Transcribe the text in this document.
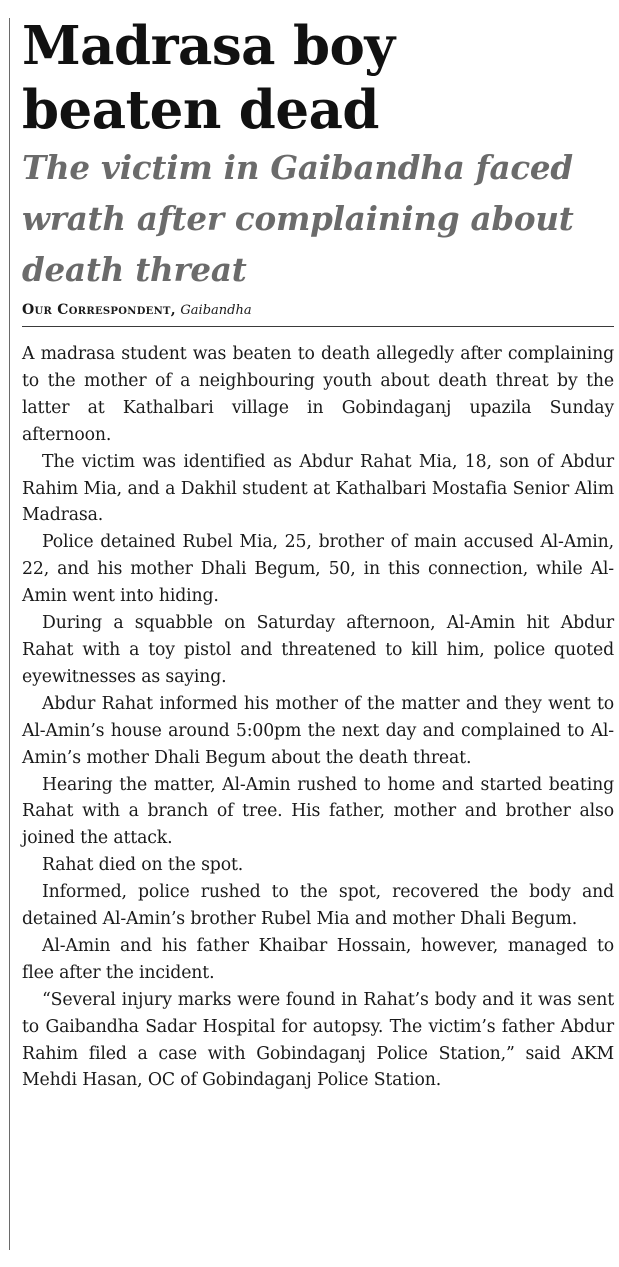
Madrasa boy
beaten dead
The victim in Gaibandha faced
wrath after complaining about
death threat
Our Correspondent, Gaibandha

A madrasa student was beaten to death allegedly after complaining to the mother of a neighbouring youth about death threat by the latter at Kathalbari village in Gobindaganj upazila Sunday afternoon.

The victim was identified as Abdur Rahat Mia, 18, son of Abdur Rahim Mia, and a Dakhil student at Kathalbari Mostafia Senior Alim Madrasa.

Police detained Rubel Mia, 25, brother of main accused Al-Amin, 22, and his mother Dhali Begum, 50, in this connection, while Al-Amin went into hiding.

During a squabble on Saturday afternoon, Al-Amin hit Abdur Rahat with a toy pistol and threatened to kill him, police quoted eyewitnesses as saying.

Abdur Rahat informed his mother of the matter and they went to Al-Amin’s house around 5:00pm the next day and complained to Al-Amin’s mother Dhali Begum about the death threat.

Hearing the matter, Al-Amin rushed to home and started beating Rahat with a branch of tree. His father, mother and brother also joined the attack.

Rahat died on the spot.

Informed, police rushed to the spot, recovered the body and detained Al-Amin’s brother Rubel Mia and mother Dhali Begum.

Al-Amin and his father Khaibar Hossain, however, managed to flee after the incident.

“Several injury marks were found in Rahat’s body and it was sent to Gaibandha Sadar Hospital for autopsy. The victim’s father Abdur Rahim filed a case with Gobindaganj Police Station,” said AKM Mehdi Hasan, OC of Gobindaganj Police Station.
